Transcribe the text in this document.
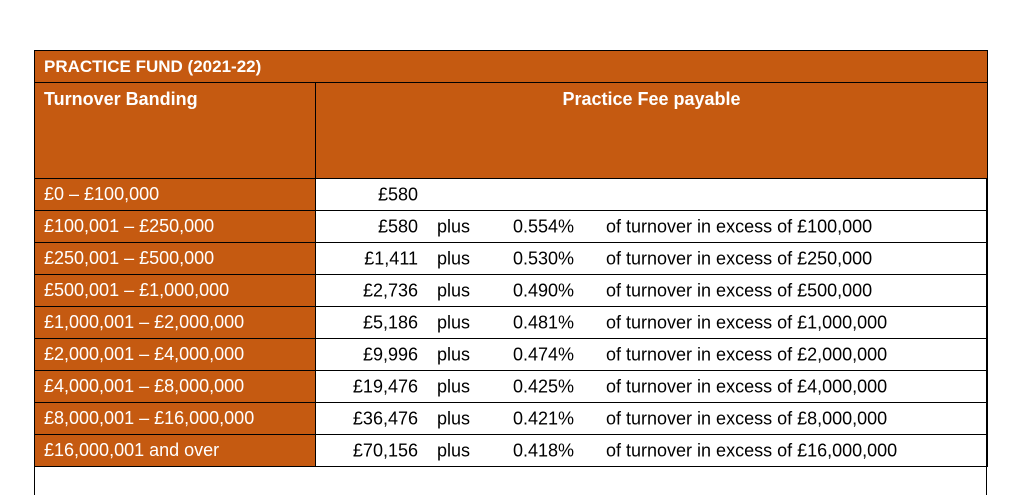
PRACTICE FUND (2021-22)	
Turnover Banding	Practice Fee payable
£0 – £100,000	£580

£100,001 – £250,000	£580 plus 0.554% of turnover in excess of £100,000

£250,001 – £500,000	£1,411 plus 0.530% of turnover in excess of £250,000

£500,001 – £1,000,000	£2,736 plus 0.490% of turnover in excess of £500,000

£1,000,001 – £2,000,000	£5,186 plus 0.481% of turnover in excess of £1,000,000

£2,000,001 – £4,000,000	£9,996 plus 0.474% of turnover in excess of £2,000,000

£4,000,001 – £8,000,000	£19,476 plus 0.425% of turnover in excess of £4,000,000

£8,000,001 – £16,000,000	£36,476 plus 0.421% of turnover in excess of £8,000,000

£16,000,001 and over	£70,156 plus 0.418% of turnover in excess of £16,000,000
